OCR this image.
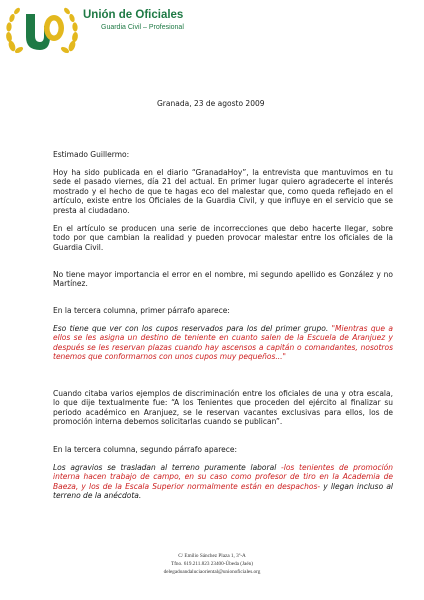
Unión de Oficiales
Guardia Civil – Profesional
Granada, 23 de agosto 2009

Estimado Guillermo:

Hoy ha sido publicada en el diario “GranadaHoy”, la entrevista que mantuvimos en tu sede el pasado viernes, día 21 del actual. En primer lugar quiero agradecerte el interés mostrado y el hecho de que te hagas eco del malestar que, como queda reflejado en el artículo, existe entre los Oficiales de la Guardia Civil, y que influye en el servicio que se presta al ciudadano.

En el artículo se producen una serie de incorrecciones que debo hacerte llegar, sobre todo por que cambian la realidad y pueden provocar malestar entre los oficiales de la Guardia Civil.

No tiene mayor importancia el error en el nombre, mi segundo apellido es González y no Martínez.

En la tercera columna, primer párrafo aparece:

Eso tiene que ver con los cupos reservados para los del primer grupo. "Mientras que a ellos se les asigna un destino de teniente en cuanto salen de la Escuela de Aranjuez y después se les reservan plazas cuando hay ascensos a capitán o comandantes, nosotros tenemos que conformarnos con unos cupos muy pequeños..."

Cuando citaba varios ejemplos de discriminación entre los oficiales de una y otra escala, lo que dije textualmente fue: “A los Tenientes que proceden del ejército al finalizar su periodo académico en Aranjuez, se le reservan vacantes exclusivas para ellos, los de promoción interna debemos solicitarlas cuando se publican”.

En la tercera columna, segundo párrafo aparece:

Los agravios se trasladan al terreno puramente laboral -los tenientes de promoción interna hacen trabajo de campo, en su caso como profesor de tiro en la Academia de Baeza, y los de la Escala Superior normalmente están en despachos- y llegan incluso al terreno de la anécdota.

C/ Emilio Sánchez Plaza 1, 3º-A
Tfno. 619.211.823 23400-Úbeda (Jaén)
delegadoandaluciaoriental@unionoficiales.org
